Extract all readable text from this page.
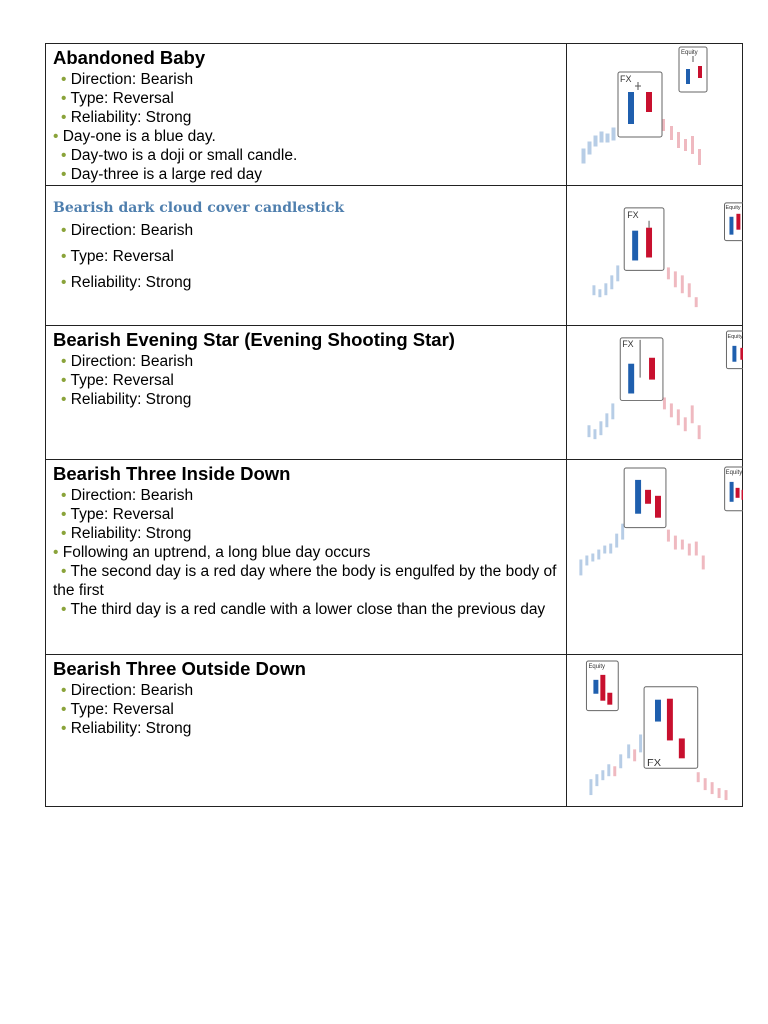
Abandoned Baby
• Direction: Bearish
• Type: Reversal
• Reliability: Strong
• Day-one is a blue day.
• Day-two is a doji or small candle.
• Day-three is a large red day
FX
Equity
Bearish dark cloud cover candlestick
• Direction: Bearish
• Type: Reversal
• Reliability: Strong
FX
Equity
Bearish Evening Star (Evening Shooting Star)
• Direction: Bearish
• Type: Reversal
• Reliability: Strong
FX
Equity
Bearish Three Inside Down
• Direction: Bearish
• Type: Reversal
• Reliability: Strong
• Following an uptrend, a long blue day occurs
• The second day is a red day where the body is engulfed by the body of the first
• The third day is a red candle with a lower close than the previous day
Equity
Bearish Three Outside Down
• Direction: Bearish
• Type: Reversal
• Reliability: Strong
FX
Equity
